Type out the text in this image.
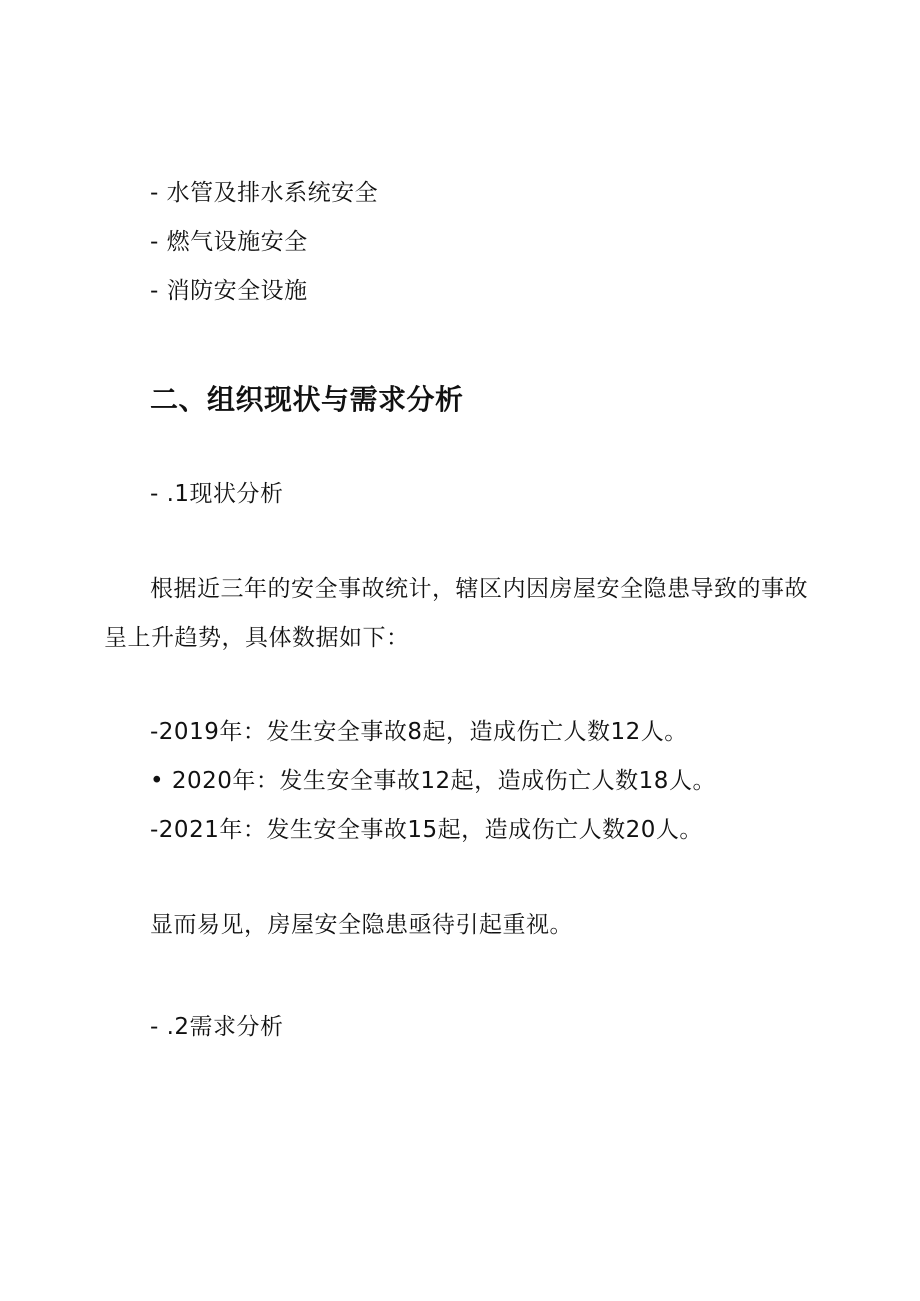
- 水管及排水系统安全
- 燃气设施安全
- 消防安全设施
二、组织现状与需求分析
- .1现状分析
根据近三年的安全事故统计，辖区内因房屋安全隐患导致的事故
呈上升趋势，具体数据如下：
-2019年：发生安全事故8起，造成伤亡人数12人。
• 2020年：发生安全事故12起，造成伤亡人数18人。
-2021年：发生安全事故15起，造成伤亡人数20人。
显而易见，房屋安全隐患亟待引起重视。
- .2需求分析
